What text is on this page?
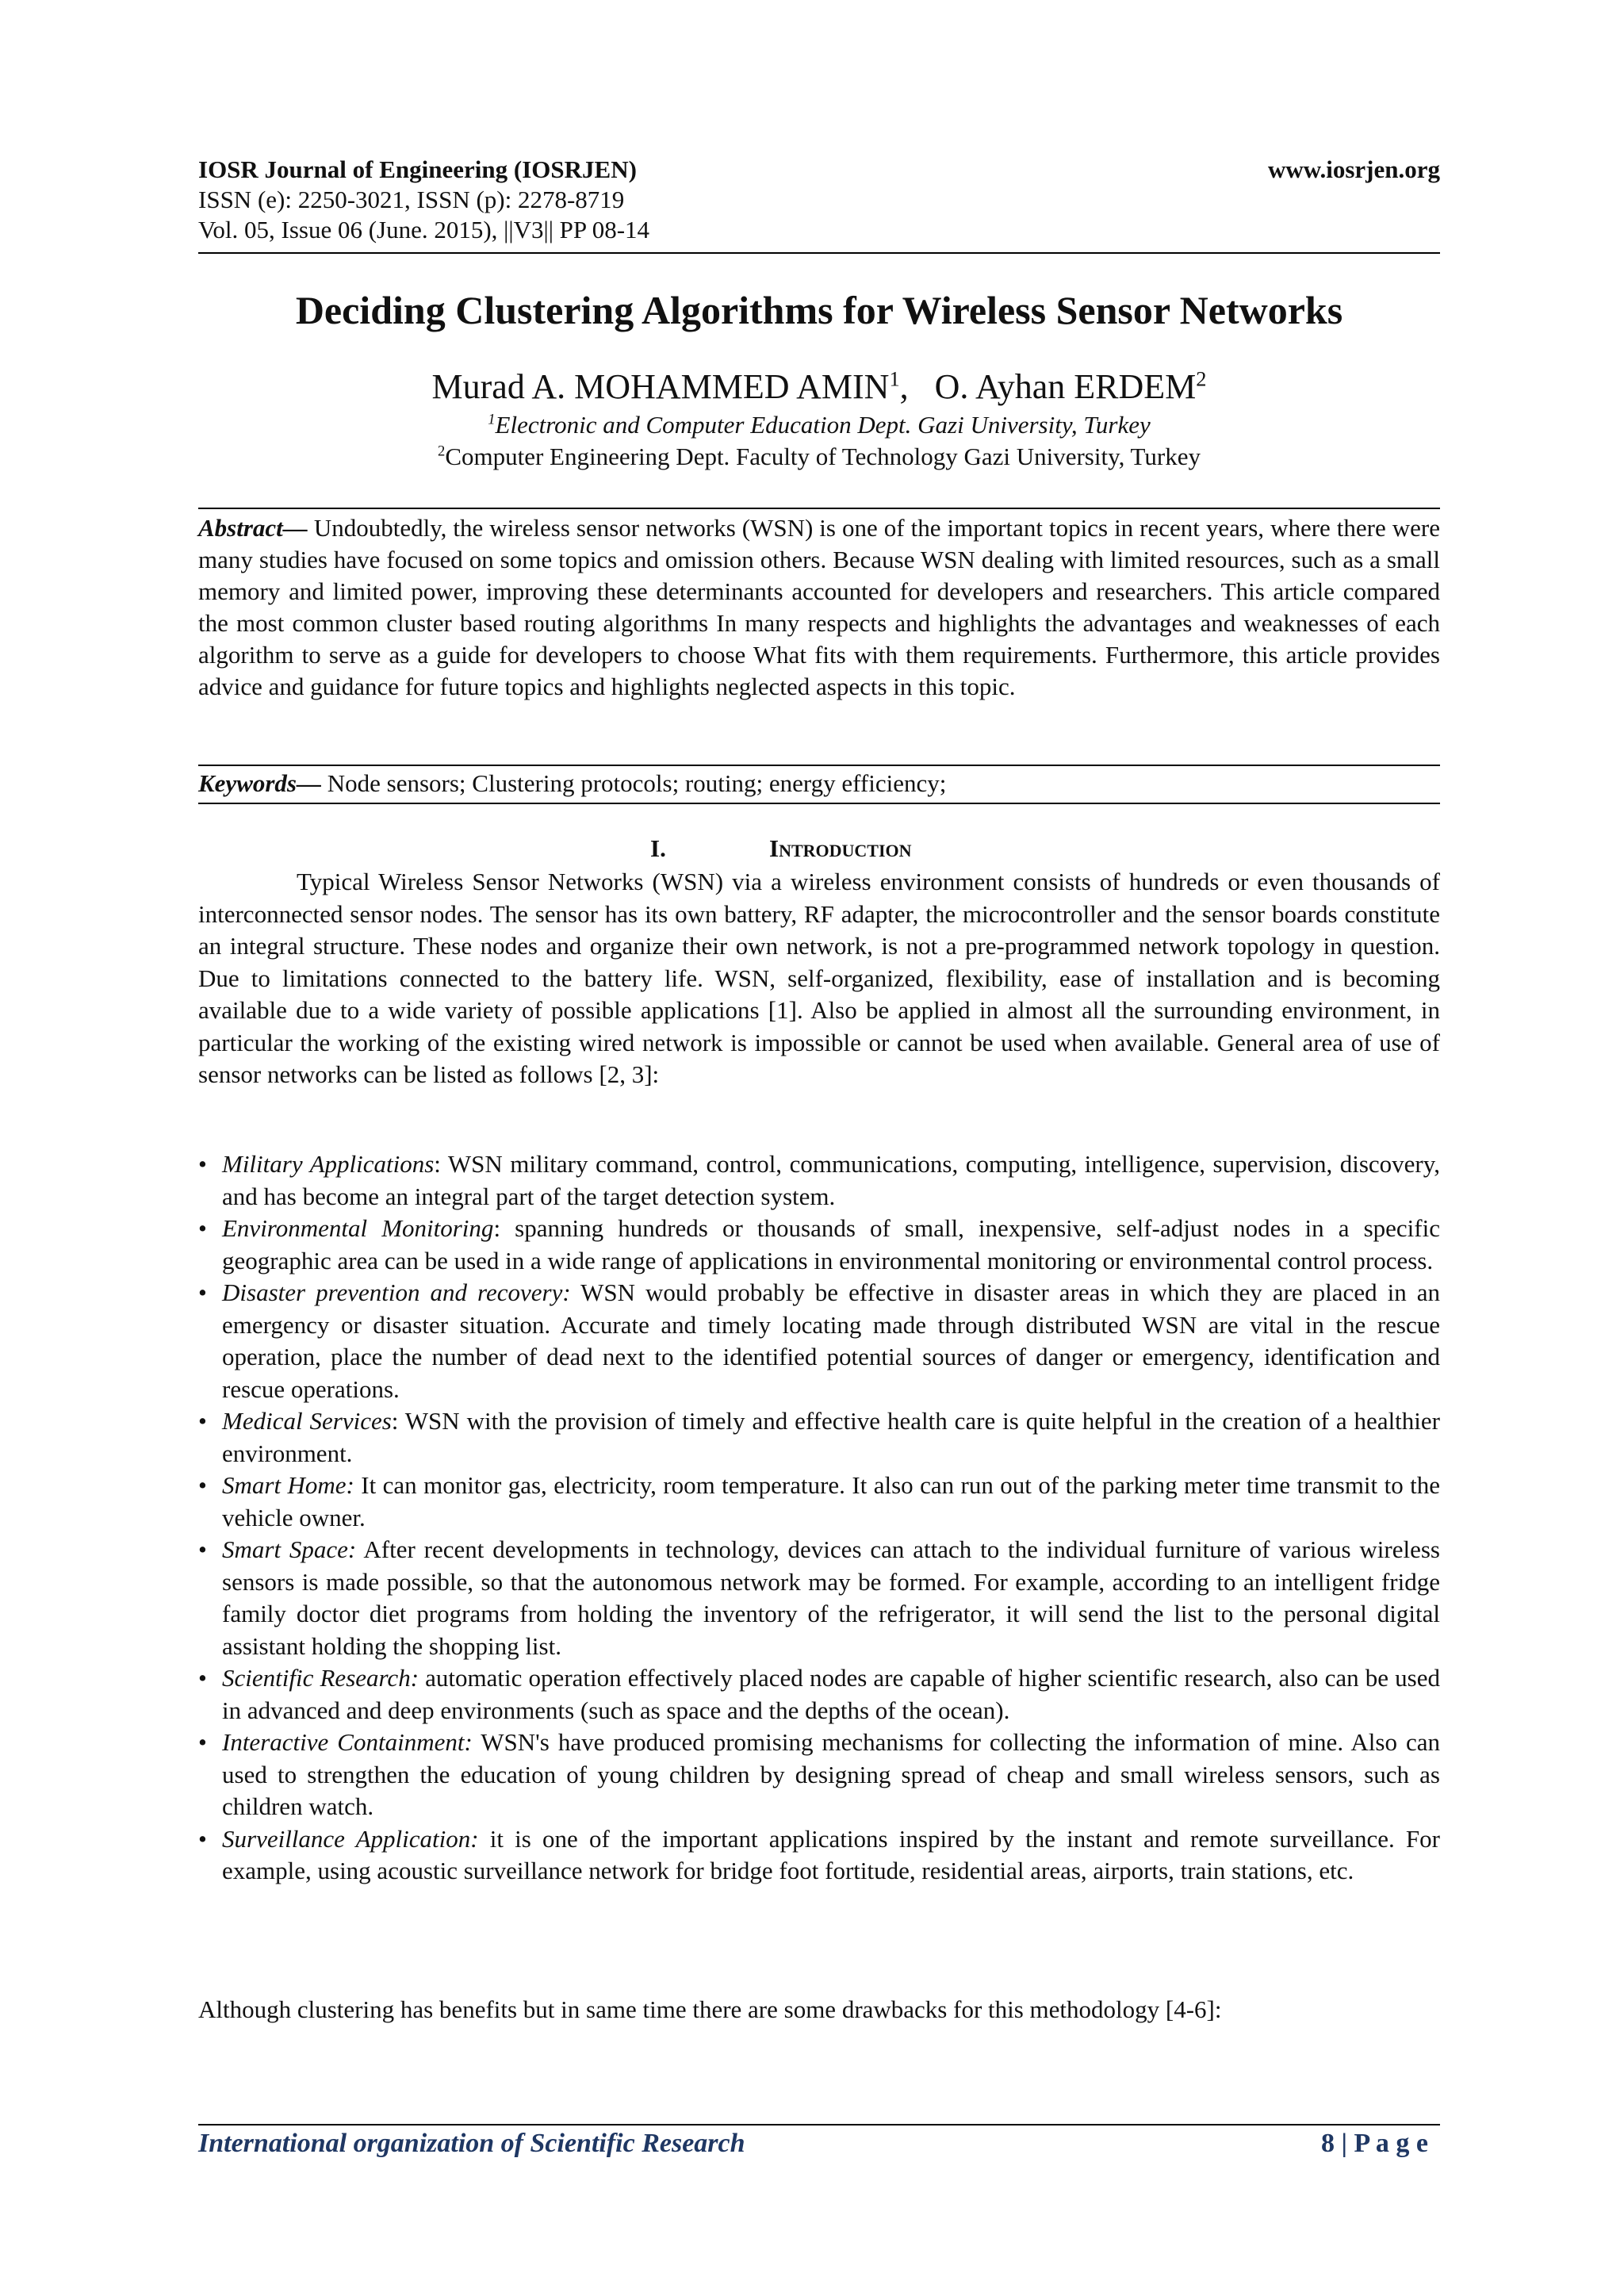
IOSR Journal of Engineering (IOSRJEN)	www.iosrjen.org
ISSN (e): 2250-3021, ISSN (p): 2278-8719
Vol. 05, Issue 06 (June. 2015), ||V3|| PP 08-14
Deciding Clustering Algorithms for Wireless Sensor Networks
Murad A. MOHAMMED AMIN$^1$, O. Ayhan ERDEM$^2$
$^1$Electronic and Computer Education Dept. Gazi University, Turkey
$^2$Computer Engineering Dept. Faculty of Technology Gazi University, Turkey
Abstract— Undoubtedly, the wireless sensor networks (WSN) is one of the important topics in recent years, where there were many studies have focused on some topics and omission others. Because WSN dealing with limited resources, such as a small memory and limited power, improving these determinants accounted for developers and researchers. This article compared the most common cluster based routing algorithms In many respects and highlights the advantages and weaknesses of each algorithm to serve as a guide for developers to choose What fits with them requirements. Furthermore, this article provides advice and guidance for future topics and highlights neglected aspects in this topic.
Keywords— Node sensors; Clustering protocols; routing; energy efficiency;
I.	Introduction

Typical Wireless Sensor Networks (WSN) via a wireless environment consists of hundreds or even thousands of interconnected sensor nodes. The sensor has its own battery, RF adapter, the microcontroller and the sensor boards constitute an integral structure. These nodes and organize their own network, is not a pre-programmed network topology in question. Due to limitations connected to the battery life. WSN, self-organized, flexibility, ease of installation and is becoming available due to a wide variety of possible applications [1]. Also be applied in almost all the surrounding environment, in particular the working of the existing wired network is impossible or cannot be used when available. General area of use of sensor networks can be listed as follows [2, 3]:

• Military Applications: WSN military command, control, communications, computing, intelligence, supervision, discovery, and has become an integral part of the target detection system.
• Environmental Monitoring: spanning hundreds or thousands of small, inexpensive, self-adjust nodes in a specific geographic area can be used in a wide range of applications in environmental monitoring or environmental control process.
• Disaster prevention and recovery: WSN would probably be effective in disaster areas in which they are placed in an emergency or disaster situation. Accurate and timely locating made through distributed WSN are vital in the rescue operation, place the number of dead next to the identified potential sources of danger or emergency, identification and rescue operations.
• Medical Services: WSN with the provision of timely and effective health care is quite helpful in the creation of a healthier environment.
• Smart Home: It can monitor gas, electricity, room temperature. It also can run out of the parking meter time transmit to the vehicle owner.
• Smart Space: After recent developments in technology, devices can attach to the individual furniture of various wireless sensors is made possible, so that the autonomous network may be formed. For example, according to an intelligent fridge family doctor diet programs from holding the inventory of the refrigerator, it will send the list to the personal digital assistant holding the shopping list.
• Scientific Research: automatic operation effectively placed nodes are capable of higher scientific research, also can be used in advanced and deep environments (such as space and the depths of the ocean).
• Interactive Containment: WSN's have produced promising mechanisms for collecting the information of mine. Also can used to strengthen the education of young children by designing spread of cheap and small wireless sensors, such as children watch.
• Surveillance Application: it is one of the important applications inspired by the instant and remote surveillance. For example, using acoustic surveillance network for bridge foot fortitude, residential areas, airports, train stations, etc.
Although clustering has benefits but in same time there are some drawbacks for this methodology [4-6]:
International organization of Scientific Research	8 | P a g e
